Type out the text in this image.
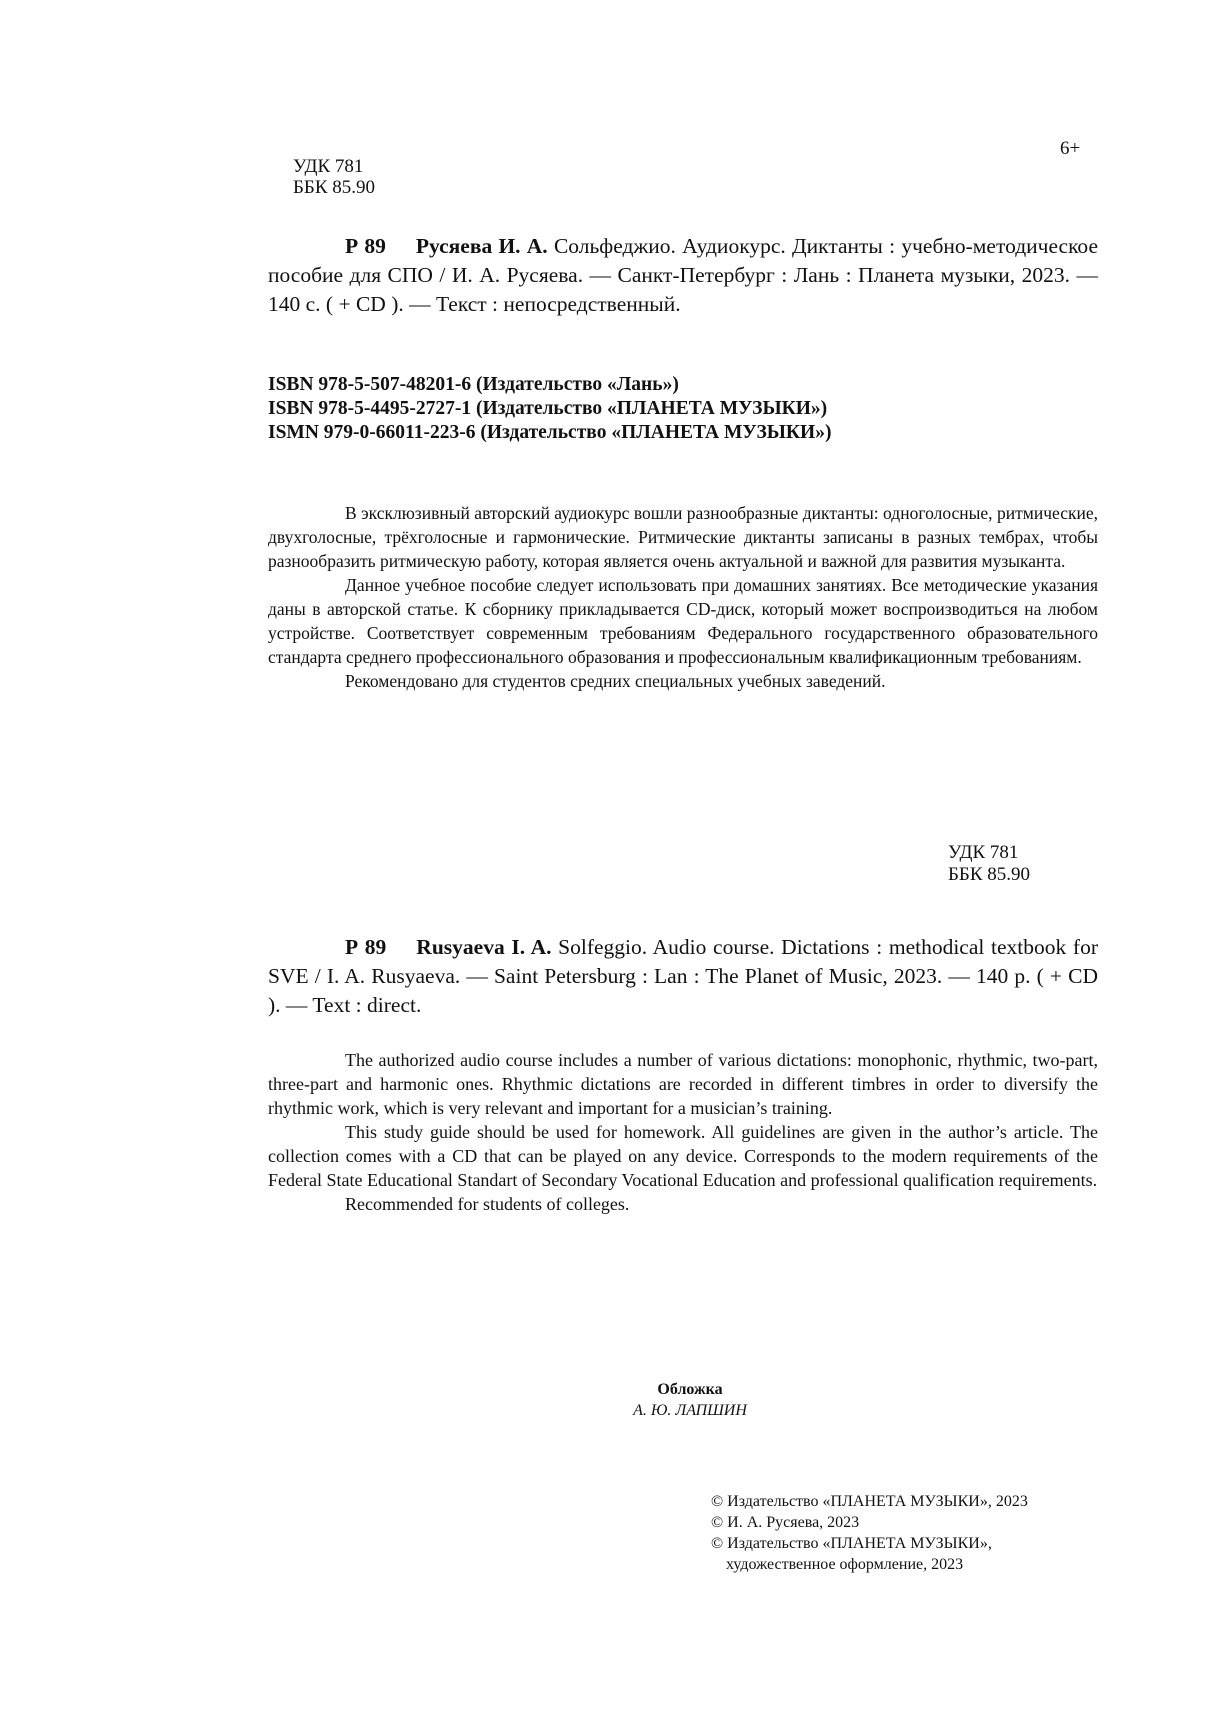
6+
УДК 781
ББК 85.90

Р 89 Русяева И. А. Сольфеджио. Аудиокурс. Диктанты : учебно-методическое пособие для СПО / И. А. Русяева. — Санкт-Петербург : Лань : Планета музыки, 2023. — 140 с. ( + CD ). — Текст : непосредственный.

ISBN 978-5-507-48201-6 (Издательство «Лань»)
ISBN 978-5-4495-2727-1 (Издательство «ПЛАНЕТА МУЗЫКИ»)
ISMN 979-0-66011-223-6 (Издательство «ПЛАНЕТА МУЗЫКИ»)

В эксклюзивный авторский аудиокурс вошли разнообразные диктанты: одноголосные, ритмические, двухголосные, трёхголосные и гармонические. Ритмические диктанты записаны в разных тембрах, чтобы разнообразить ритмическую работу, которая является очень актуальной и важной для развития музыканта.

Данное учебное пособие следует использовать при домашних занятиях. Все методические указания даны в авторской статье. К сборнику прикладывается CD-диск, который может воспроизводиться на любом устройстве. Соответствует современным требованиям Федерального государственного образовательного стандарта среднего профессионального образования и профессиональным квалификационным требованиям.

Рекомендовано для студентов средних специальных учебных заведений.

УДК 781
ББК 85.90

Р 89 Rusyaeva I. A. Solfeggio. Audio course. Dictations : methodical textbook for SVE / I. A. Rusyaeva. — Saint Petersburg : Lan : The Planet of Music, 2023. — 140 p. ( + CD ). — Text : direct.

The authorized audio course includes a number of various dictations: monophonic, rhythmic, two-part, three-part and harmonic ones. Rhythmic dictations are recorded in different timbres in order to diversify the rhythmic work, which is very relevant and important for a musician’s training.

This study guide should be used for homework. All guidelines are given in the author’s article. The collection comes with a CD that can be played on any device. Corresponds to the modern requirements of the Federal State Educational Standart of Secondary Vocational Education and professional qualification requirements.

Recommended for students of colleges.

Обложка
А. Ю. ЛАПШИН
© Издательство «ПЛАНЕТА МУЗЫКИ», 2023
© И. А. Русяева, 2023
© Издательство «ПЛАНЕТА МУЗЫКИ»,
художественное оформление, 2023
